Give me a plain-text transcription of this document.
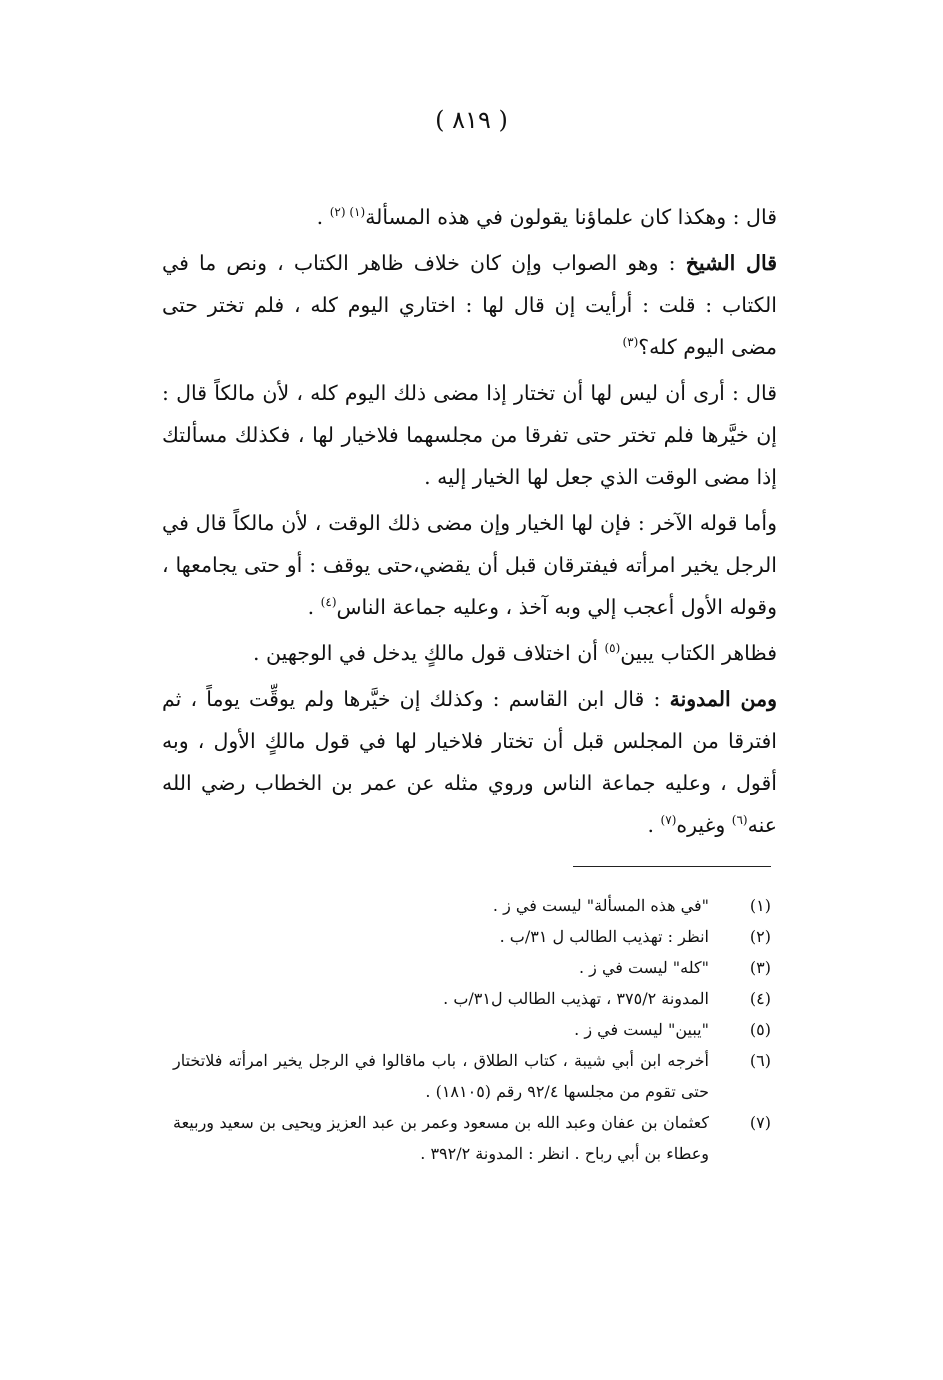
( ٨١٩ )

قال : وهكذا كان علماؤنا يقولون في هذه المسألة$^{(١) (٢)}$ .

قال الشيخ : وهو الصواب وإن كان خلاف ظاهر الكتاب ، ونص ما في الكتاب : قلت : أرأيت إن قال لها : اختاري اليوم كله ، فلم تختر حتى مضى اليوم كله؟$^{(٣)}$

قال : أرى أن ليس لها أن تختار إذا مضى ذلك اليوم كله ، لأن مالكاً قال : إن خيَّرها فلم تختر حتى تفرقا من مجلسهما فلاخيار لها ، فكذلك مسألتك إذا مضى الوقت الذي جعل لها الخيار إليه .

وأما قوله الآخر : فإن لها الخيار وإن مضى ذلك الوقت ، لأن مالكاً قال في الرجل يخير امرأته فيفترقان قبل أن يقضي،حتى يوقف : أو حتى يجامعها ، وقوله الأول أعجب إلي وبه آخذ ، وعليه جماعة الناس$^{(٤)}$ .

فظاهر الكتاب يبين$^{(٥)}$ أن اختلاف قول مالكٍ يدخل في الوجهين .

ومن المدونة : قال ابن القاسم : وكذلك إن خيَّرها ولم يوقِّت يوماً ، ثم افترقا من المجلس قبل أن تختار فلاخيار لها في قول مالكٍ الأول ، وبه أقول ، وعليه جماعة الناس وروي مثله عن عمر بن الخطاب رضي الله عنه$^{(٦)}$ وغيره$^{(٧)}$ .

(١)
"في هذه المسألة" ليست في ز .
(٢)
انظر : تهذيب الطالب ل ٣١/ب .
(٣)
"كله" ليست في ز .
(٤)
المدونة ٣٧٥/٢ ، تهذيب الطالب ل٣١/ب .
(٥)
"يبين" ليست في ز .
(٦)
أخرجه ابن أبي شيبة ، كتاب الطلاق ، باب ماقالوا في الرجل يخير امرأته فلاتختار حتى تقوم من مجلسها ٩٢/٤ رقم (١٨١٠٥) .
(٧)
كعثمان بن عفان وعبد الله بن مسعود وعمر بن عبد العزيز ويحيى بن سعيد وربيعة وعطاء بن أبي رباح . انظر : المدونة ٣٩٢/٢ .
